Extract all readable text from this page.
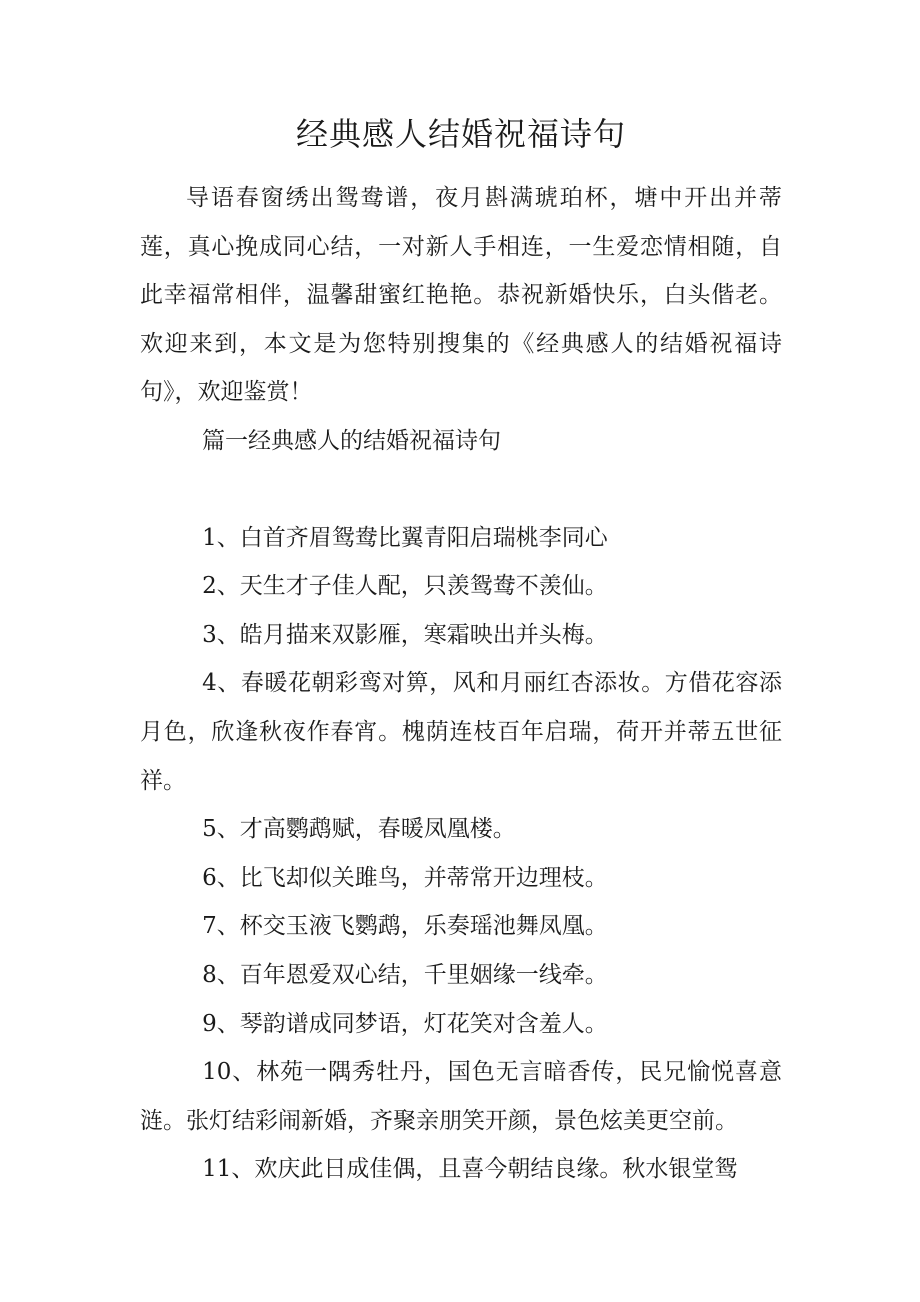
经典感人结婚祝福诗句

导语春窗绣出鸳鸯谱，夜月斟满琥珀杯，塘中开出并蒂莲，真心挽成同心结，一对新人手相连，一生爱恋情相随，自此幸福常相伴，温馨甜蜜红艳艳。恭祝新婚快乐，白头偕老。欢迎来到，本文是为您特别搜集的《经典感人的结婚祝福诗句》，欢迎鉴赏！

篇一经典感人的结婚祝福诗句

1、白首齐眉鸳鸯比翼青阳启瑞桃李同心

2、天生才子佳人配，只羡鸳鸯不羡仙。

3、皓月描来双影雁，寒霜映出并头梅。

4、春暖花朝彩鸾对箅，风和月丽红杏添妆。方借花容添月色，欣逢秋夜作春宵。槐荫连枝百年启瑞，荷开并蒂五世征祥。

5、才高鹦鹉赋，春暖凤凰楼。

6、比飞却似关雎鸟，并蒂常开边理枝。

7、杯交玉液飞鹦鹉，乐奏瑶池舞凤凰。

8、百年恩爱双心结，千里姻缘一线牵。

9、琴韵谱成同梦语，灯花笑对含羞人。

10、林苑一隅秀牡丹，国色无言暗香传，民兄愉悦喜意涟。张灯结彩闹新婚，齐聚亲朋笑开颜，景色炫美更空前。

11、欢庆此日成佳偶，且喜今朝结良缘。秋水银堂鸳
